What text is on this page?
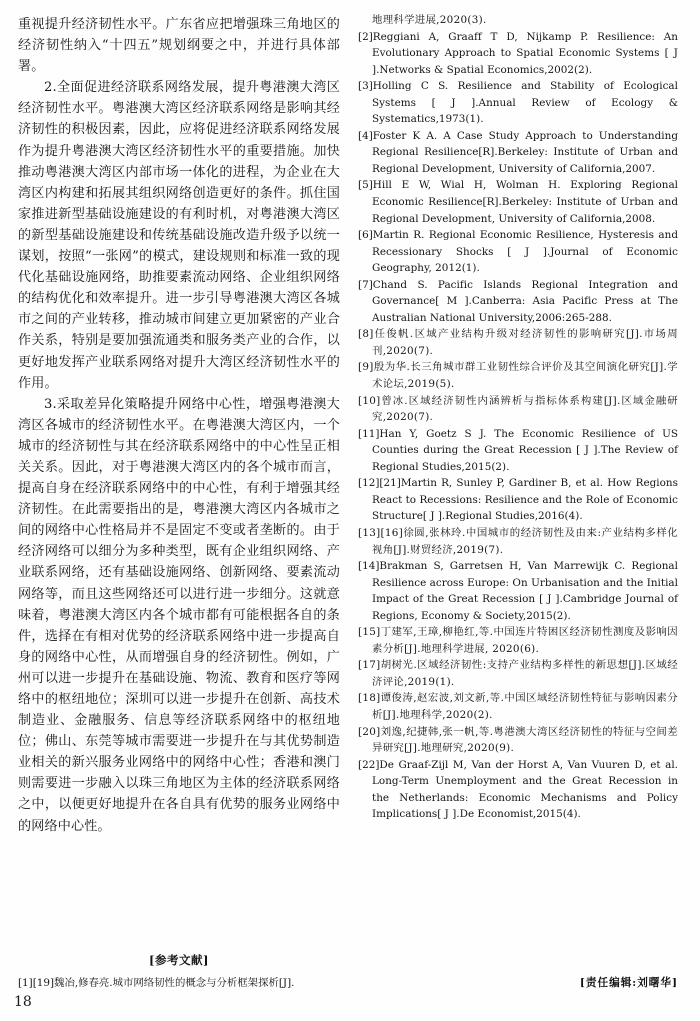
重视提升经济韧性水平。广东省应把增强珠三角地区的经济韧性纳入“十四五”规划纲要之中，并进行具体部署。

2.全面促进经济联系网络发展，提升粤港澳大湾区经济韧性水平。粤港澳大湾区经济联系网络是影响其经济韧性的积极因素，因此，应将促进经济联系网络发展作为提升粤港澳大湾区经济韧性水平的重要措施。加快推动粤港澳大湾区内部市场一体化的进程，为企业在大湾区内构建和拓展其组织网络创造更好的条件。抓住国家推进新型基础设施建设的有利时机，对粤港澳大湾区的新型基础设施建设和传统基础设施改造升级予以统一谋划，按照“一张网”的模式，建设规则和标准一致的现代化基础设施网络，助推要素流动网络、企业组织网络的结构优化和效率提升。进一步引导粤港澳大湾区各城市之间的产业转移，推动城市间建立更加紧密的产业合作关系，特别是要加强流通类和服务类产业的合作，以更好地发挥产业联系网络对提升大湾区经济韧性水平的作用。

3.采取差异化策略提升网络中心性，增强粤港澳大湾区各城市的经济韧性水平。在粤港澳大湾区内，一个城市的经济韧性与其在经济联系网络中的中心性呈正相关关系。因此，对于粤港澳大湾区内的各个城市而言，提高自身在经济联系网络中的中心性，有利于增强其经济韧性。在此需要指出的是，粤港澳大湾区内各城市之间的网络中心性格局并不是固定不变或者垄断的。由于经济网络可以细分为多种类型，既有企业组织网络、产业联系网络，还有基础设施网络、创新网络、要素流动网络等，而且这些网络还可以进行进一步细分。这就意味着，粤港澳大湾区内各个城市都有可能根据各自的条件，选择在有相对优势的经济联系网络中进一步提高自身的网络中心性，从而增强自身的经济韧性。例如，广州可以进一步提升在基础设施、物流、教育和医疗等网络中的枢纽地位；深圳可以进一步提升在创新、高技术制造业、金融服务、信息等经济联系网络中的枢纽地位；佛山、东莞等城市需要进一步提升在与其优势制造业相关的新兴服务业网络中的网络中心性；香港和澳门则需要进一步融入以珠三角地区为主体的经济联系网络之中，以便更好地提升在各自具有优势的服务业网络中的网络中心性。

[参考文献]
[1][19]魏冶,修春亮.城市网络韧性的概念与分析框架探析[J].
18

地理科学进展,2020(3).

[2]Reggiani A, Graaff T D, Nijkamp P. Resilience: An Evolutionary Approach to Spatial Economic Systems [ J ].Networks & Spatial Economics,2002(2).

[3]Holling C S. Resilience and Stability of Ecological Systems [ J ].Annual Review of Ecology & Systematics,1973(1).

[4]Foster K A. A Case Study Approach to Understanding Regional Resilience[R].Berkeley: Institute of Urban and Regional Development, University of California,2007.

[5]Hill E W, Wial H, Wolman H. Exploring Regional Economic Resilience[R].Berkeley: Institute of Urban and Regional Development, University of California,2008.

[6]Martin R. Regional Economic Resilience, Hysteresis and Recessionary Shocks [ J ].Journal of Economic Geography, 2012(1).

[7]Chand S. Pacific Islands Regional Integration and Governance[ M ].Canberra: Asia Pacific Press at The Australian National University,2006:265-288.

[8]任俊帆.区域产业结构升级对经济韧性的影响研究[J].市场周刊,2020(7).

[9]殷为华.长三角城市群工业韧性综合评价及其空间演化研究[J].学术论坛,2019(5).

[10]曾冰.区域经济韧性内涵辨析与指标体系构建[J].区域金融研究,2020(7).

[11]Han Y, Goetz S J. The Economic Resilience of US Counties during the Great Recession [ J ].The Review of Regional Studies,2015(2).

[12][21]Martin R, Sunley P, Gardiner B, et al. How Regions React to Recessions: Resilience and the Role of Economic Structure[ J ].Regional Studies,2016(4).

[13][16]徐圆,张林玲.中国城市的经济韧性及由来:产业结构多样化视角[J].财贸经济,2019(7).

[14]Brakman S, Garretsen H, Van Marrewijk C. Regional Resilience across Europe: On Urbanisation and the Initial Impact of the Great Recession [ J ].Cambridge Journal of Regions, Economy & Society,2015(2).

[15]丁建军,王璋,柳艳红,等.中国连片特困区经济韧性测度及影响因素分析[J].地理科学进展, 2020(6).

[17]胡树光.区域经济韧性:支持产业结构多样性的新思想[J].区域经济评论,2019(1).

[18]谭俊涛,赵宏波,刘文新,等.中国区域经济韧性特征与影响因素分析[J].地理科学,2020(2).

[20]刘逸,纪捷韩,张一帆,等.粤港澳大湾区经济韧性的特征与空间差异研究[J].地理研究,2020(9).

[22]De Graaf-Zijl M, Van der Horst A, Van Vuuren D, et al. Long-Term Unemployment and the Great Recession in the Netherlands: Economic Mechanisms and Policy Implications[ J ].De Economist,2015(4).

[责任编辑:刘曙华]
